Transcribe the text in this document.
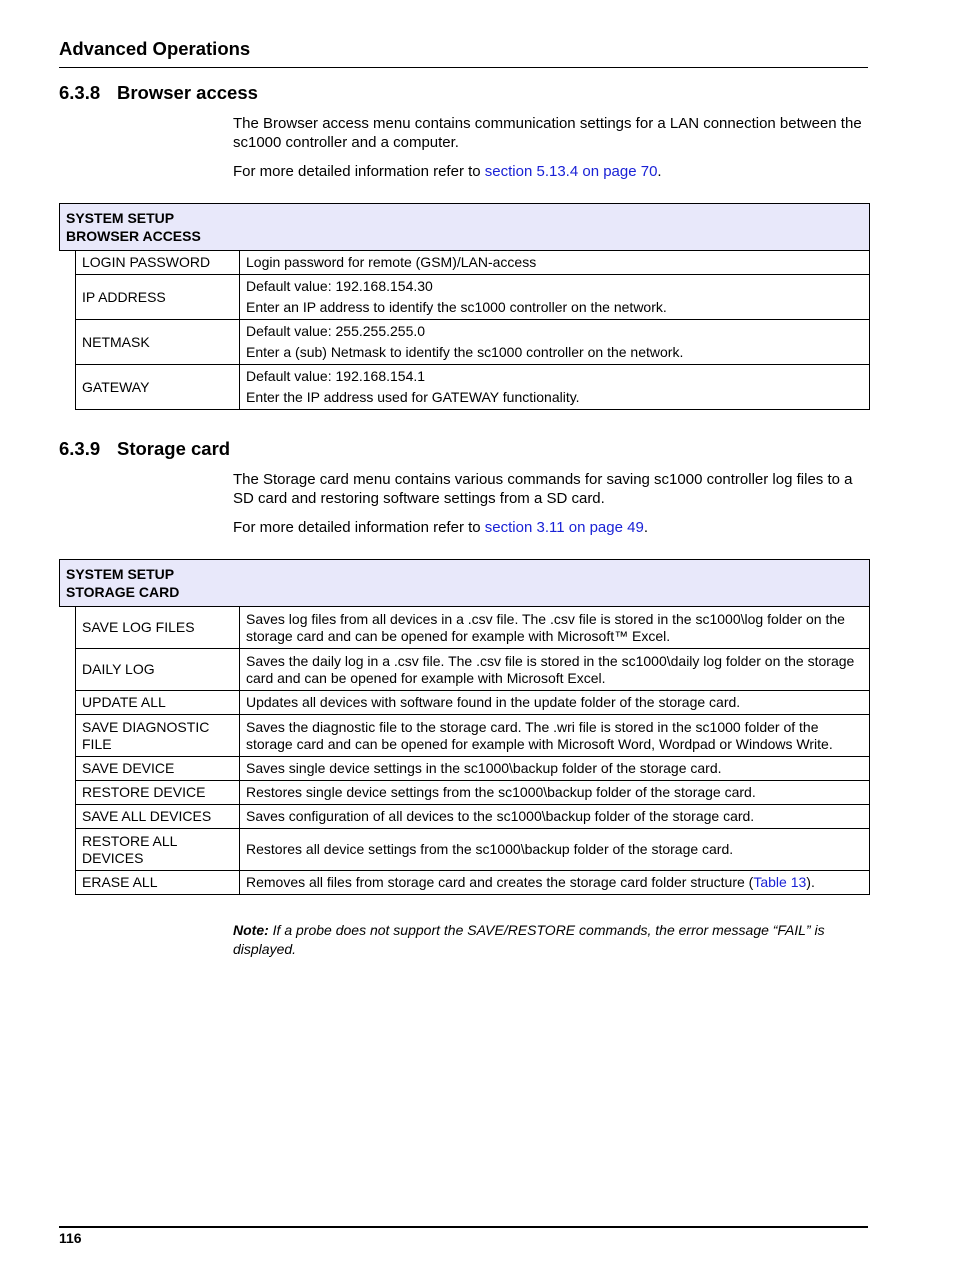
Advanced Operations
6.3.8 Browser access

The Browser access menu contains communication settings for a LAN connection between the sc1000 controller and a computer.

For more detailed information refer to section 5.13.4 on page 70.

SYSTEM SETUP
BROWSER ACCESS		
	LOGIN PASSWORD	Login password for remote (GSM)/LAN-access

	IP ADDRESS	Default value: 192.168.154.30
Enter an IP address to identify the sc1000 controller on the network.

	NETMASK	Default value: 255.255.255.0
Enter a (sub) Netmask to identify the sc1000 controller on the network.

	GATEWAY	Default value: 192.168.154.1
Enter the IP address used for GATEWAY functionality.
6.3.9 Storage card

The Storage card menu contains various commands for saving sc1000 controller log files to a SD card and restoring software settings from a SD card.

For more detailed information refer to section 3.11 on page 49.

SYSTEM SETUP
STORAGE CARD		
	SAVE LOG FILES	Saves log files from all devices in a .csv file. The .csv file is stored in the sc1000\log folder on the storage card and can be opened for example with Microsoft™ Excel.
	DAILY LOG	Saves the daily log in a .csv file. The .csv file is stored in the sc1000\daily log folder on the storage card and can be opened for example with Microsoft Excel.
	UPDATE ALL	Updates all devices with software found in the update folder of the storage card.
	SAVE DIAGNOSTIC FILE	Saves the diagnostic file to the storage card. The .wri file is stored in the sc1000 folder of the storage card and can be opened for example with Microsoft Word, Wordpad or Windows Write.
	SAVE DEVICE	Saves single device settings in the sc1000\backup folder of the storage card.
	RESTORE DEVICE	Restores single device settings from the sc1000\backup folder of the storage card.
	SAVE ALL DEVICES	Saves configuration of all devices to the sc1000\backup folder of the storage card.
	RESTORE ALL DEVICES	Restores all device settings from the sc1000\backup folder of the storage card.
	ERASE ALL	Removes all files from storage card and creates the storage card folder structure (Table 13).

Note: If a probe does not support the SAVE/RESTORE commands, the error message “FAIL” is displayed.

116
